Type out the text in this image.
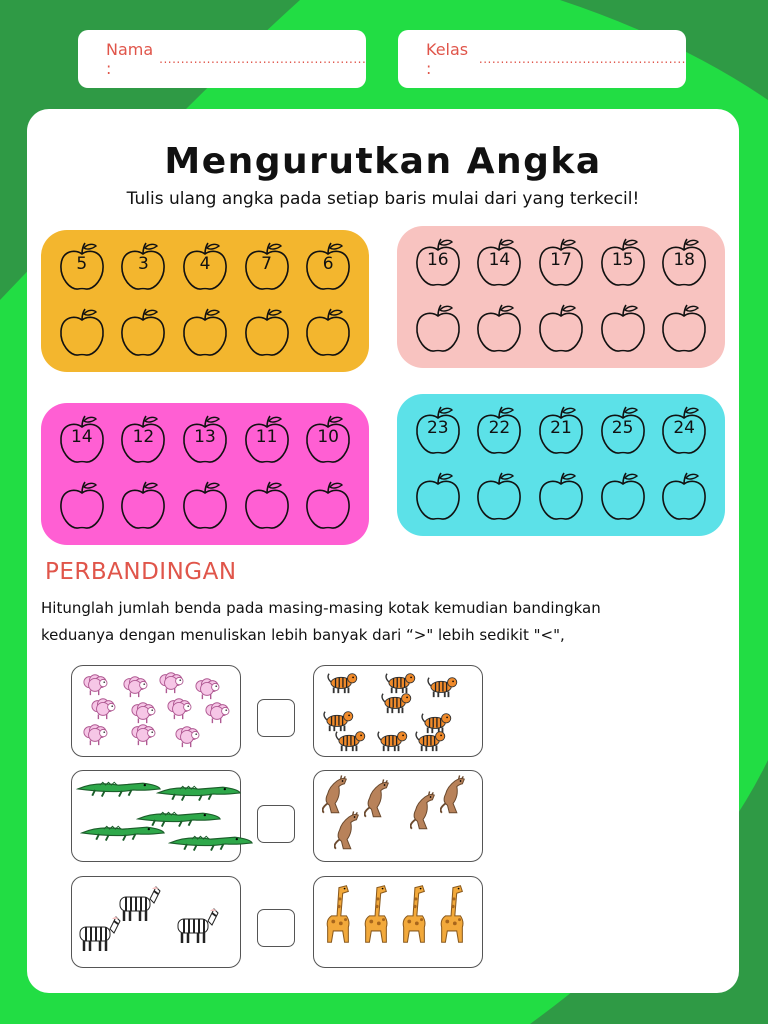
Nama :	................................................	Kelas :	................................................
Mengurutkan Angka
Tulis ulang angka pada setiap baris mulai dari yang terkecil!
5	3	4	7	6	16	14	17	15	18
14	12	13	11	10	23	22	21	25	24
PERBANDINGAN
Hitunglah jumlah benda pada masing-masing kotak kemudian bandingkan
keduanya dengan menuliskan lebih banyak dari “>" lebih sedikit "<",
